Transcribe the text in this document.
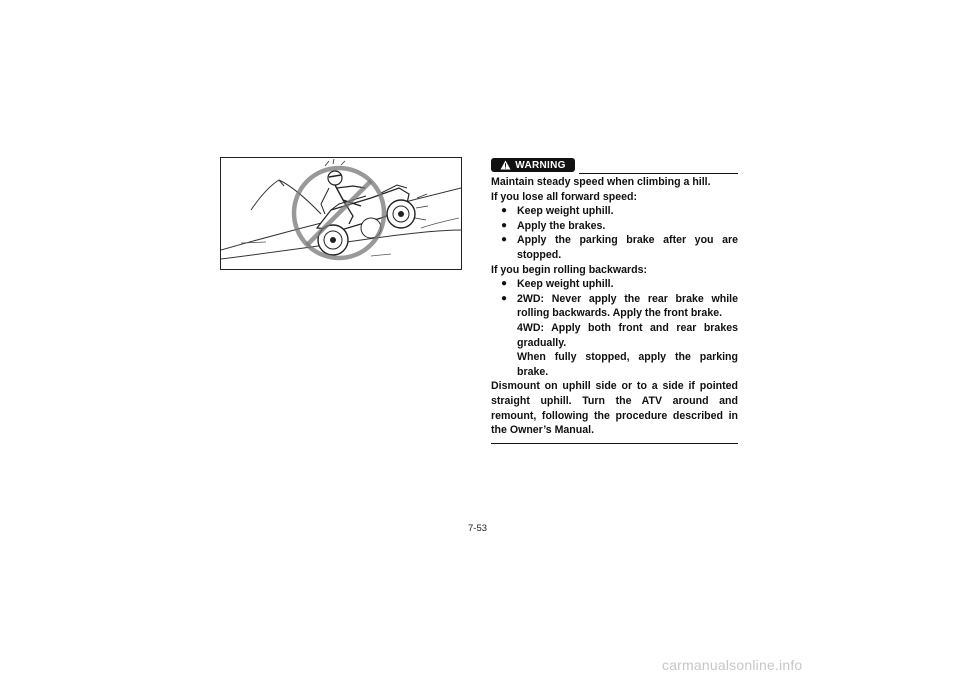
WARNING

Maintain steady speed when climbing a hill.

If you lose all forward speed:

● Keep weight uphill.
● Apply the brakes.
● Apply the parking brake after you are stopped.

If you begin rolling backwards:

● Keep weight uphill.
● 2WD: Never apply the rear brake while rolling backwards. Apply the front brake.
4WD: Apply both front and rear brakes gradually.
When fully stopped, apply the parking brake.

Dismount on uphill side or to a side if pointed straight uphill. Turn the ATV around and remount, following the procedure described in the Owner’s Manual.

7-53
carmanualsonline.info
